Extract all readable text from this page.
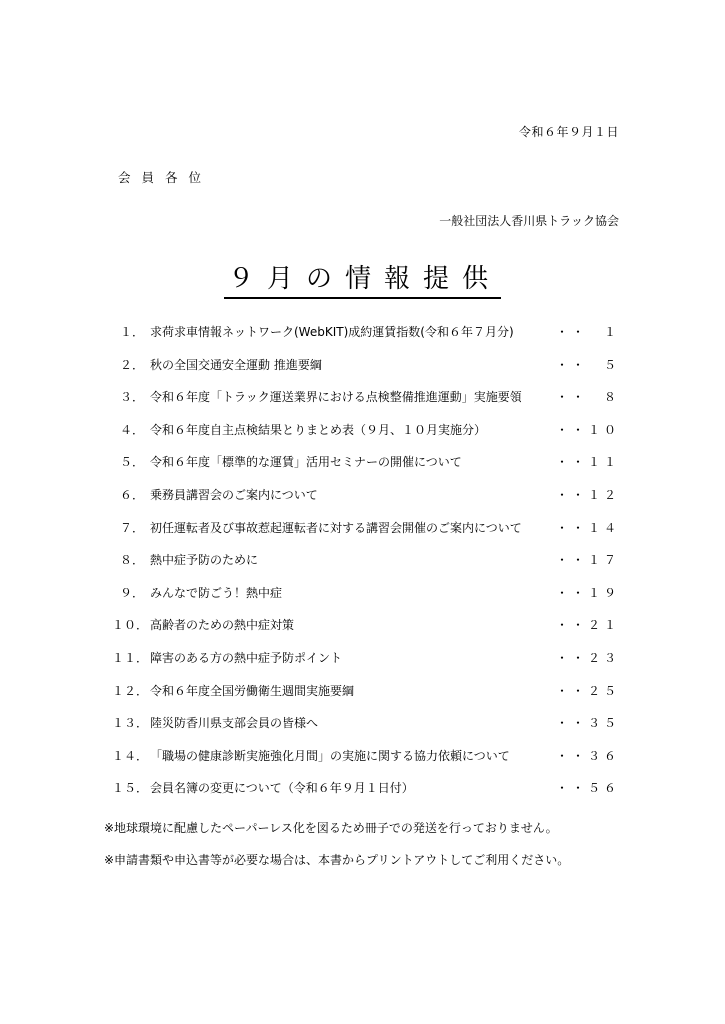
令和６年９月１日
会員各位
一般社団法人香川県トラック協会
９月の情報提供
１． 求荷求車情報ネットワーク(WebKIT)成約運賃指数(令和６年７月分)	・・　１
２． 秋の全国交通安全運動 推進要綱	・・　５
３． 令和６年度「トラック運送業界における点検整備推進運動」実施要領	・・　８
４． 令和６年度自主点検結果とりまとめ表（９月、１０月実施分）	・・１０
５． 令和６年度「標準的な運賃」活用セミナーの開催について	・・１１
６． 乗務員講習会のご案内について	・・１２
７． 初任運転者及び事故惹起運転者に対する講習会開催のご案内について	・・１４
８． 熱中症予防のために	・・１７
９． みんなで防ごう！熱中症	・・１９
１０． 高齢者のための熱中症対策	・・２１
１１． 障害のある方の熱中症予防ポイント	・・２３
１２． 令和６年度全国労働衛生週間実施要綱	・・２５
１３． 陸災防香川県支部会員の皆様へ	・・３５
１４． 「職場の健康診断実施強化月間」の実施に関する協力依頼について	・・３６
１５． 会員名簿の変更について（令和６年９月１日付）	・・５６
※地球環境に配慮したペーパーレス化を図るため冊子での発送を行っておりません。
※申請書類や申込書等が必要な場合は、本書からプリントアウトしてご利用ください。
